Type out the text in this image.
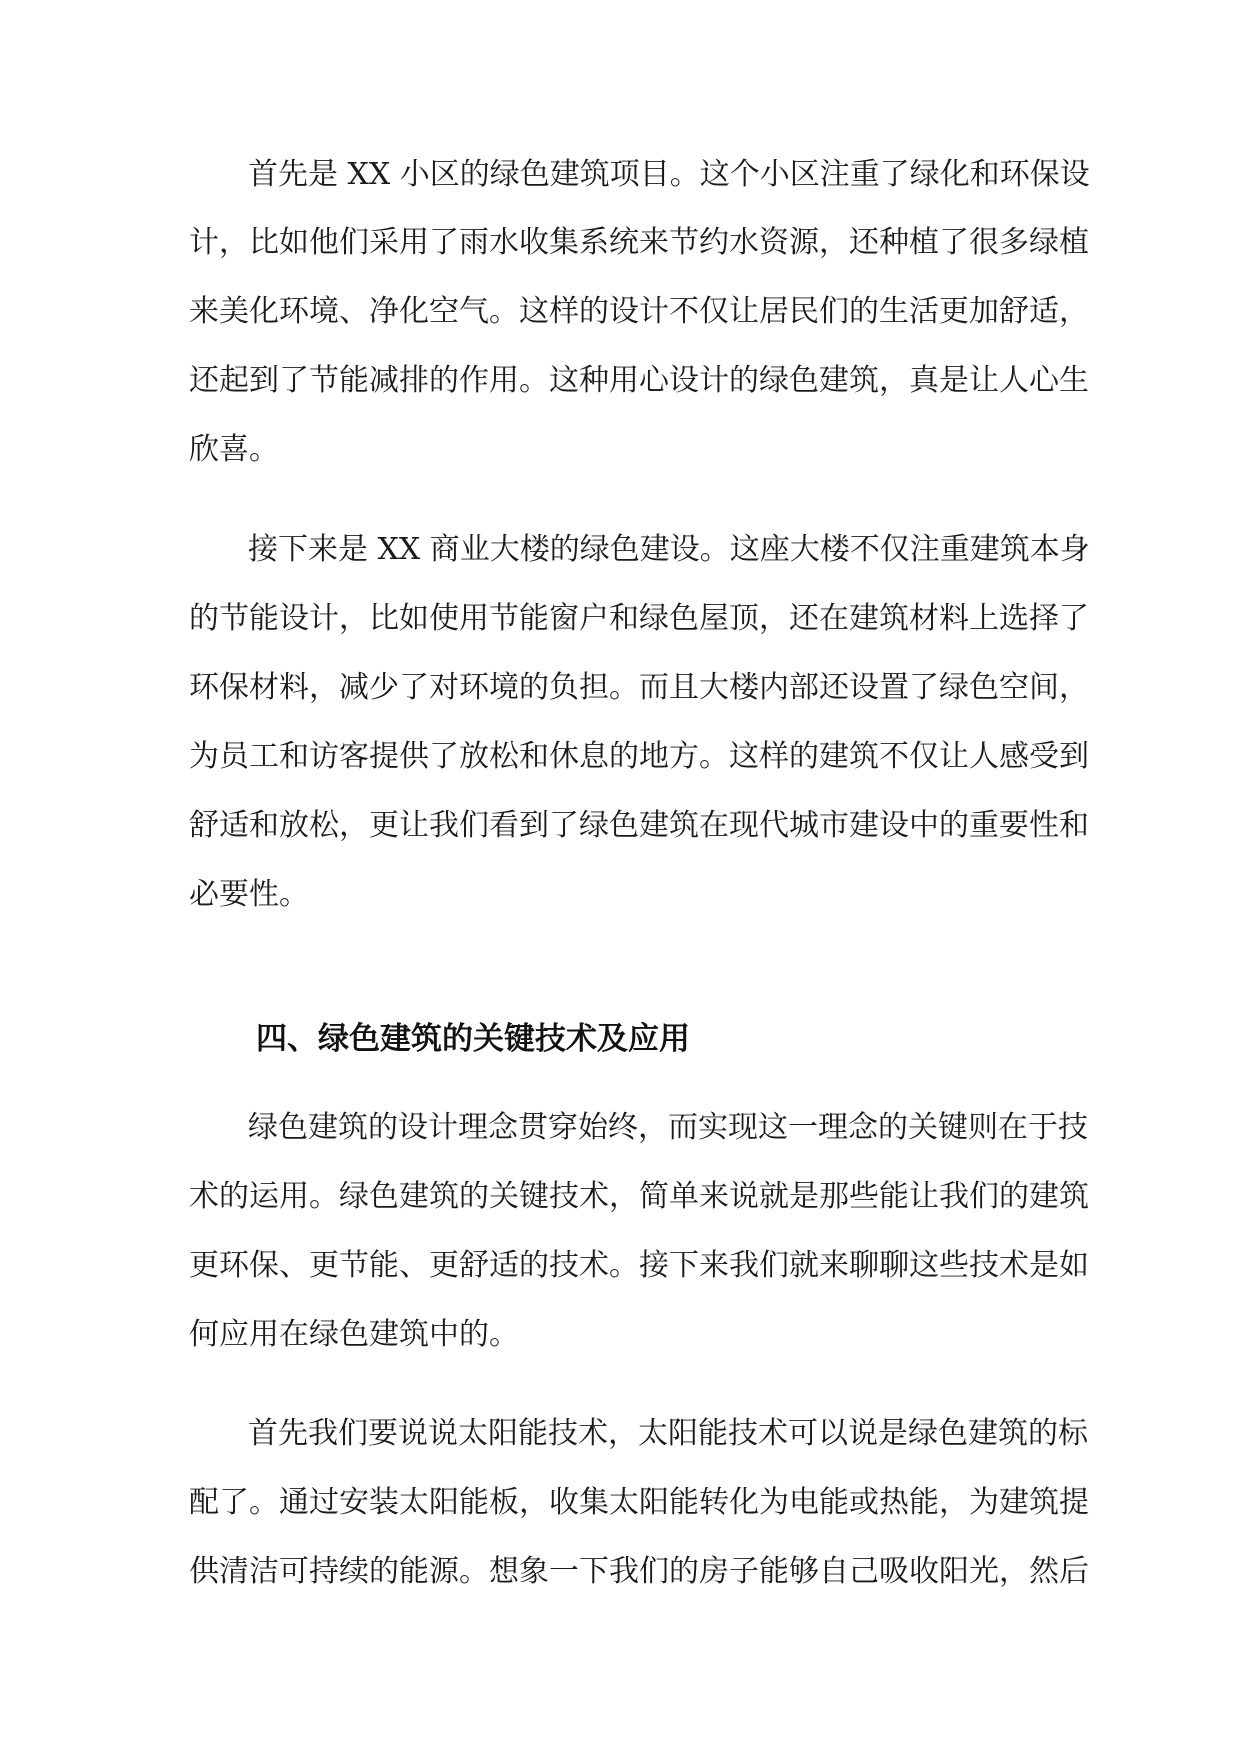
首先是 XX 小区的绿色建筑项目。这个小区注重了绿化和环保设
计，比如他们采用了雨水收集系统来节约水资源，还种植了很多绿植
来美化环境、净化空气。这样的设计不仅让居民们的生活更加舒适，
还起到了节能减排的作用。这种用心设计的绿色建筑，真是让人心生
欣喜。
接下来是 XX 商业大楼的绿色建设。这座大楼不仅注重建筑本身
的节能设计，比如使用节能窗户和绿色屋顶，还在建筑材料上选择了
环保材料，减少了对环境的负担。而且大楼内部还设置了绿色空间，
为员工和访客提供了放松和休息的地方。这样的建筑不仅让人感受到
舒适和放松，更让我们看到了绿色建筑在现代城市建设中的重要性和
必要性。
四、绿色建筑的关键技术及应用
绿色建筑的设计理念贯穿始终，而实现这一理念的关键则在于技
术的运用。绿色建筑的关键技术，简单来说就是那些能让我们的建筑
更环保、更节能、更舒适的技术。接下来我们就来聊聊这些技术是如
何应用在绿色建筑中的。
首先我们要说说太阳能技术，太阳能技术可以说是绿色建筑的标
配了。通过安装太阳能板，收集太阳能转化为电能或热能，为建筑提
供清洁可持续的能源。想象一下我们的房子能够自己吸收阳光，然后
